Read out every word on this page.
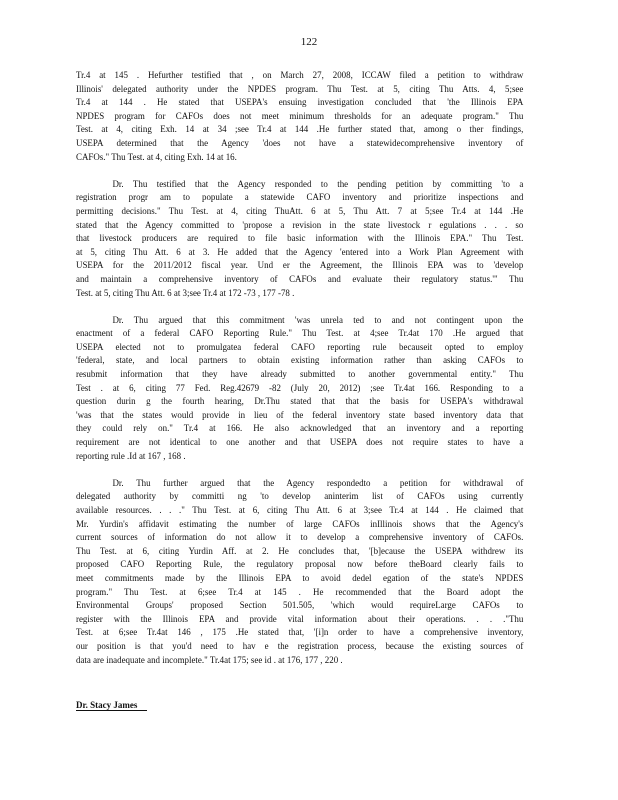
122
Tr.4 at 145 . Hefurther testified that , on March 27, 2008, ICCAW filed a petition to withdraw
Illinois' delegated authority under the NPDES program. Thu Test. at 5, citing Thu Atts. 4, 5;see
Tr.4 at 144 . He stated that USEPA's ensuing investigation concluded that 'the Illinois EPA
NPDES program for CAFOs does not meet minimum thresholds for an adequate program." Thu
Test. at 4, citing Exh. 14 at 34 ;see Tr.4 at 144 .He further stated that, among o ther findings,
USEPA determined that the Agency 'does not have a statewidecomprehensive inventory of
CAFOs." Thu Test. at 4, citing Exh. 14 at 16.
Dr. Thu testified that the Agency responded to the pending petition by committing 'to a
registration progr am to populate a statewide CAFO inventory and prioritize inspections and
permitting decisions." Thu Test. at 4, citing ThuAtt. 6 at 5, Thu Att. 7 at 5;see Tr.4 at 144 .He
stated that the Agency committed to 'propose a revision in the state livestock r egulations . . . so
that livestock producers are required to file basic information with the Illinois EPA." Thu Test.
at 5, citing Thu Att. 6 at 3. He added that the Agency 'entered into a Work Plan Agreement with
USEPA for the 2011/2012 fiscal year. Und er the Agreement, the Illinois EPA was to 'develop
and maintain a comprehensive inventory of CAFOs and evaluate their regulatory status.'" Thu
Test. at 5, citing Thu Att. 6 at 3;see Tr.4 at 172 -73 , 177 -78 .
Dr. Thu argued that this commitment 'was unrela ted to and not contingent upon the
enactment of a federal CAFO Reporting Rule." Thu Test. at 4;see Tr.4at 170 .He argued that
USEPA elected not to promulgatea federal CAFO reporting rule becauseit opted to employ
'federal, state, and local partners to obtain existing information rather than asking CAFOs to
resubmit information that they have already submitted to another governmental entity." Thu
Test . at 6, citing 77 Fed. Reg.42679 -82 (July 20, 2012) ;see Tr.4at 166. Responding to a
question durin g the fourth hearing, Dr.Thu stated that that the basis for USEPA's withdrawal
'was that the states would provide in lieu of the federal inventory state based inventory data that
they could rely on." Tr.4 at 166. He also acknowledged that an inventory and a reporting
requirement are not identical to one another and that USEPA does not require states to have a
reporting rule .Id at 167 , 168 .
Dr. Thu further argued that the Agency respondedto a petition for withdrawal of
delegated authority by committi ng 'to develop aninterim list of CAFOs using currently
available resources. . . ." Thu Test. at 6, citing Thu Att. 6 at 3;see Tr.4 at 144 . He claimed that
Mr. Yurdin's affidavit estimating the number of large CAFOs inIllinois shows that the Agency's
current sources of information do not allow it to develop a comprehensive inventory of CAFOs.
Thu Test. at 6, citing Yurdin Aff. at 2. He concludes that, '[b]ecause the USEPA withdrew its
proposed CAFO Reporting Rule, the regulatory proposal now before theBoard clearly fails to
meet commitments made by the Illinois EPA to avoid dedel egation of the state's NPDES
program." Thu Test. at 6;see Tr.4 at 145 . He recommended that the Board adopt the
Environmental Groups' proposed Section 501.505, 'which would requireLarge CAFOs to
register with the Illinois EPA and provide vital information about their operations. . . ."Thu
Test. at 6;see Tr.4at 146 , 175 .He stated that, '[i]n order to have a comprehensive inventory,
our position is that you'd need to hav e the registration process, because the existing sources of
data are inadequate and incomplete." Tr.4at 175; see id . at 176, 177 , 220 .
Dr. Stacy James
